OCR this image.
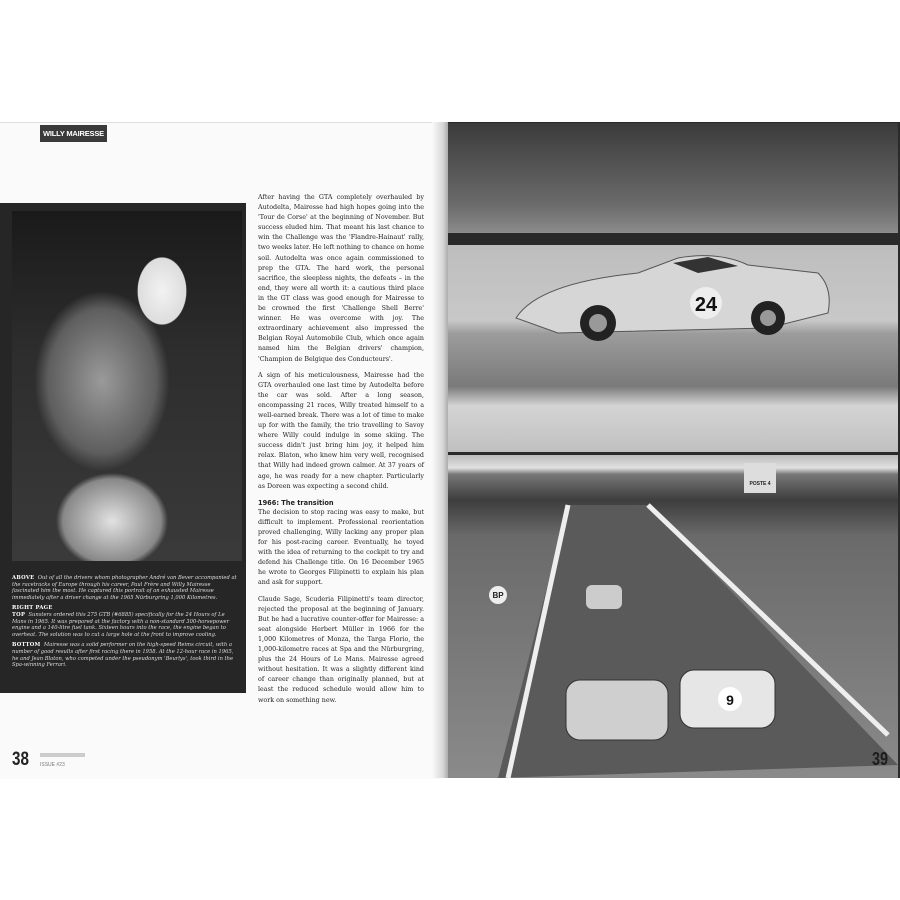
WILLY MAIRESSE

ABOVE Out of all the drivers whom photographer André van Bever accompanied at the racetracks of Europe through his career, Paul Frère and Willy Mairesse fascinated him the most. He captured this portrait of an exhausted Mairesse immediately after a driver change at the 1965 Nürburgring 1,000 Kilometres.

RIGHT PAGE

TOP Sunsters ordered this 275 GTB (#6885) specifically for the 24 Hours of Le Mans in 1965. It was prepared at the factory with a non-standard 300-horsepower engine and a 140-litre fuel tank. Sixteen hours into the race, the engine began to overheat. The solution was to cut a large hole at the front to improve cooling.

BOTTOM Mairesse was a solid performer on the high-speed Reims circuit, with a number of good results after first racing there in 1958. At the 12-hour race in 1965, he and Jean Blaton, who competed under the pseudonym 'Beurlys', took third in the Spa-winning Ferrari.

After having the GTA completely overhauled by Autodelta, Mairesse had high hopes going into the 'Tour de Corse' at the beginning of November. But success eluded him. That meant his last chance to win the Challenge was the 'Flandre-Hainaut' rally, two weeks later. He left nothing to chance on home soil. Autodelta was once again commissioned to prep the GTA. The hard work, the personal sacrifice, the sleepless nights, the defeats – in the end, they were all worth it: a cautious third place in the GT class was good enough for Mairesse to be crowned the first 'Challenge Shell Berre' winner. He was overcome with joy. The extraordinary achievement also impressed the Belgian Royal Automobile Club, which once again named him the Belgian drivers' champion, 'Champion de Belgique des Conducteurs'.

A sign of his meticulousness, Mairesse had the GTA overhauled one last time by Autodelta before the car was sold. After a long season, encompassing 21 races, Willy treated himself to a well-earned break. There was a lot of time to make up for with the family, the trio travelling to Savoy where Willy could indulge in some skiing. The success didn't just bring him joy, it helped him relax. Blaton, who knew him very well, recognised that Willy had indeed grown calmer. At 37 years of age, he was ready for a new chapter. Particularly as Doreen was expecting a second child.

1966: The transition

The decision to stop racing was easy to make, but difficult to implement. Professional reorientation proved challenging, Willy lacking any proper plan for his post-racing career. Eventually, he toyed with the idea of returning to the cockpit to try and defend his Challenge title. On 16 December 1965 he wrote to Georges Filipinetti to explain his plan and ask for support.

Claude Sage, Scuderia Filipinetti's team director, rejected the proposal at the beginning of January. But he had a lucrative counter-offer for Mairesse: a seat alongside Herbert Müller in 1966 for the 1,000 Kilometres of Monza, the Targa Florio, the 1,000-kilometre races at Spa and the Nürburgring, plus the 24 Hours of Le Mans. Mairesse agreed without hesitation. It was a slightly different kind of career change than originally planned, but at least the reduced schedule would allow him to work on something new.

38 ISSUE #23
24
POSTE 4
BP
9
39
